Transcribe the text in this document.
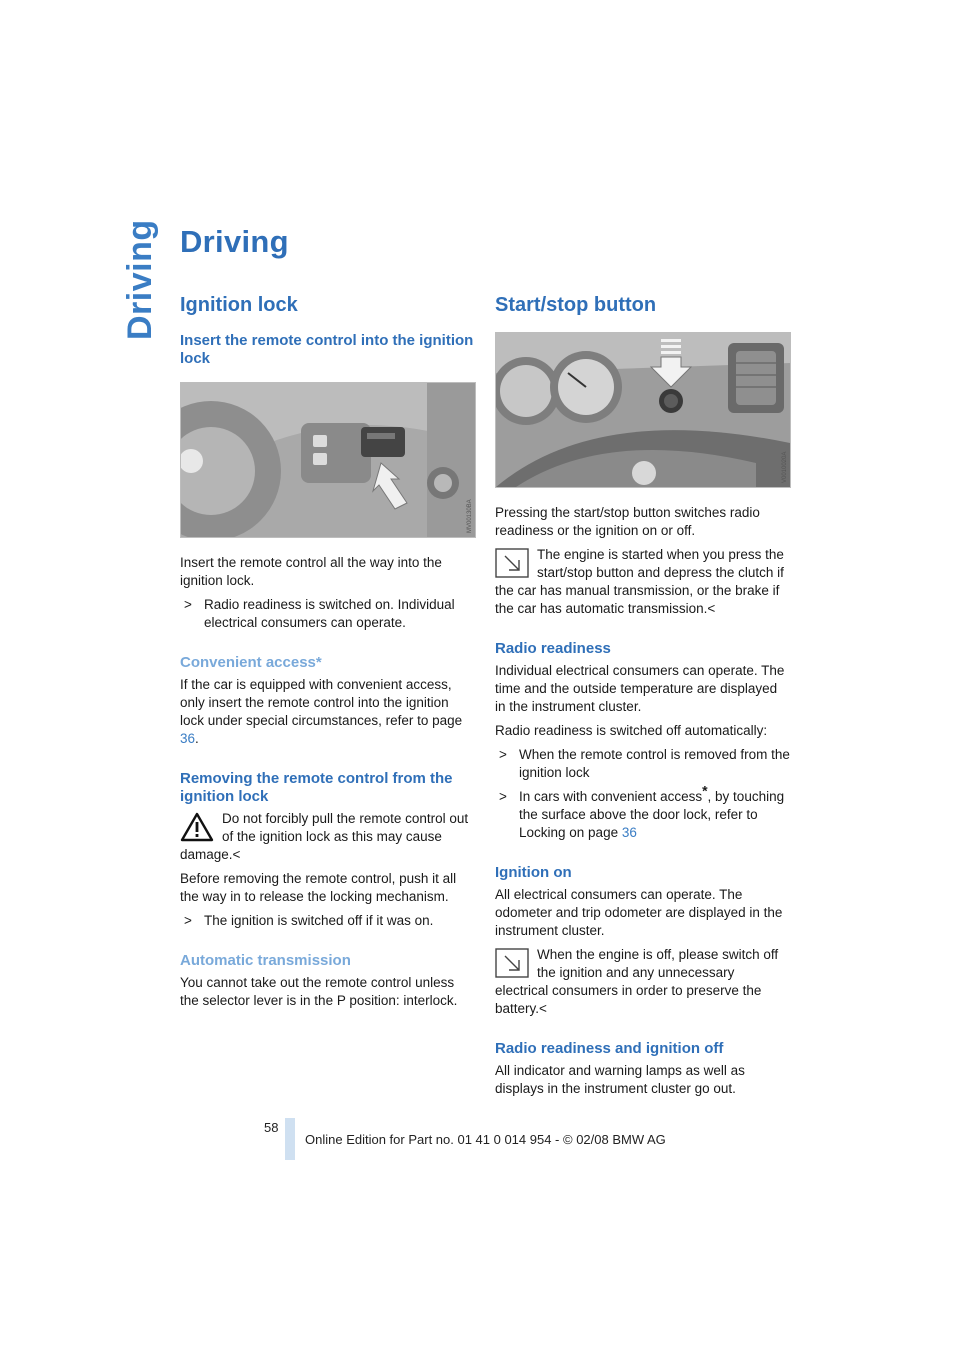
Driving Driving
Ignition lock
Insert the remote control into the ignition lock
MV00130BA

Insert the remote control all the way into the ignition lock.

> Radio readiness is switched on. Individual electrical consumers can operate.
Convenient access*

If the car is equipped with convenient access, only insert the remote control into the ignition lock under special circumstances, refer to page 36.

Removing the remote control from the ignition lock
Do not forcibly pull the remote control out of the ignition lock as this may cause damage.<

Before removing the remote control, push it all the way in to release the locking mechanism.

> The ignition is switched off if it was on.
Automatic transmission

You cannot take out the remote control unless the selector lever is in the P position: interlock.

Start/stop button
V0010020A

Pressing the start/stop button switches radio readiness or the ignition on or off.

The engine is started when you press the start/stop button and depress the clutch if the car has manual transmission, or the brake if the car has automatic transmission.<
Radio readiness

Individual electrical consumers can operate. The time and the outside temperature are displayed in the instrument cluster.

Radio readiness is switched off automatically:

> When the remote control is removed from the ignition lock
> In cars with convenient access*, by touching the surface above the door lock, refer to Locking on page 36
Ignition on

All electrical consumers can operate. The odometer and trip odometer are displayed in the instrument cluster.

When the engine is off, please switch off the ignition and any unnecessary electrical consumers in order to preserve the battery.<
Radio readiness and ignition off

All indicator and warning lamps as well as displays in the instrument cluster go out.

58
Online Edition for Part no. 01 41 0 014 954 - © 02/08 BMW AG
